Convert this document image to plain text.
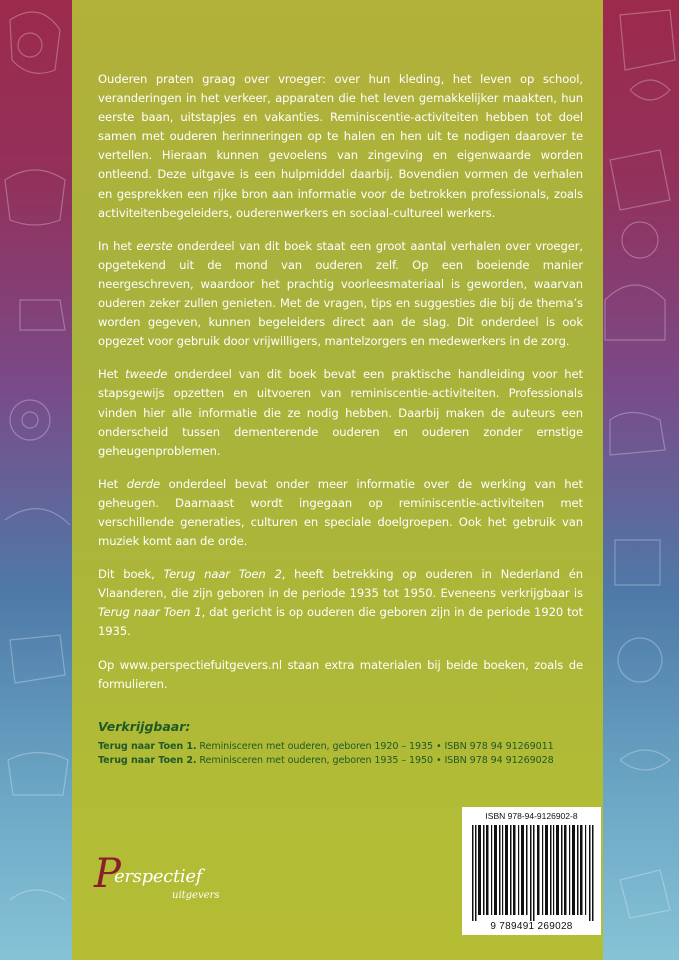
Ouderen praten graag over vroeger: over hun kleding, het leven op school, veranderingen in het verkeer, apparaten die het leven gemakkelijker maakten, hun eerste baan, uitstapjes en vakanties. Reminiscentie-activiteiten hebben tot doel samen met ouderen herinneringen op te halen en hen uit te nodigen daarover te vertellen. Hieraan kunnen gevoelens van zingeving en eigenwaarde worden ontleend. Deze uitgave is een hulpmiddel daarbij. Bovendien vormen de verhalen en gesprekken een rijke bron aan informatie voor de betrokken professionals, zoals activiteitenbegeleiders, ouderenwerkers en sociaal-cultureel werkers.

In het eerste onderdeel van dit boek staat een groot aantal verhalen over vroeger, opgetekend uit de mond van ouderen zelf. Op een boeiende manier neergeschreven, waardoor het prachtig voorleesmateriaal is geworden, waarvan ouderen zeker zullen genieten. Met de vragen, tips en suggesties die bij de thema’s worden gegeven, kunnen begeleiders direct aan de slag. Dit onderdeel is ook opgezet voor gebruik door vrijwilligers, mantelzorgers en medewerkers in de zorg.

Het tweede onderdeel van dit boek bevat een praktische handleiding voor het stapsgewijs opzetten en uitvoeren van reminiscentie-activiteiten. Professionals vinden hier alle informatie die ze nodig hebben. Daarbij maken de auteurs een onderscheid tussen dementerende ouderen en ouderen zonder ernstige geheugenproblemen.

Het derde onderdeel bevat onder meer informatie over de werking van het geheugen. Daarnaast wordt ingegaan op reminiscentie-activiteiten met verschillende generaties, culturen en speciale doelgroepen. Ook het gebruik van muziek komt aan de orde.

Dit boek, Terug naar Toen 2, heeft betrekking op ouderen in Nederland én Vlaanderen, die zijn geboren in de periode 1935 tot 1950. Eveneens verkrijgbaar is Terug naar Toen 1, dat gericht is op ouderen die geboren zijn in de periode 1920 tot 1935.

Op www.perspectiefuitgevers.nl staan extra materialen bij beide boeken, zoals de formulieren.

Verkrijgbaar:
Terug naar Toen 1. Reminisceren met ouderen, geboren 1920 – 1935 • ISBN 978 94 91269011
Terug naar Toen 2. Reminisceren met ouderen, geboren 1935 – 1950 • ISBN 978 94 91269028
ISBN 978-94-9126902-8
9 789491 269028
P
erspectief
uitgevers
